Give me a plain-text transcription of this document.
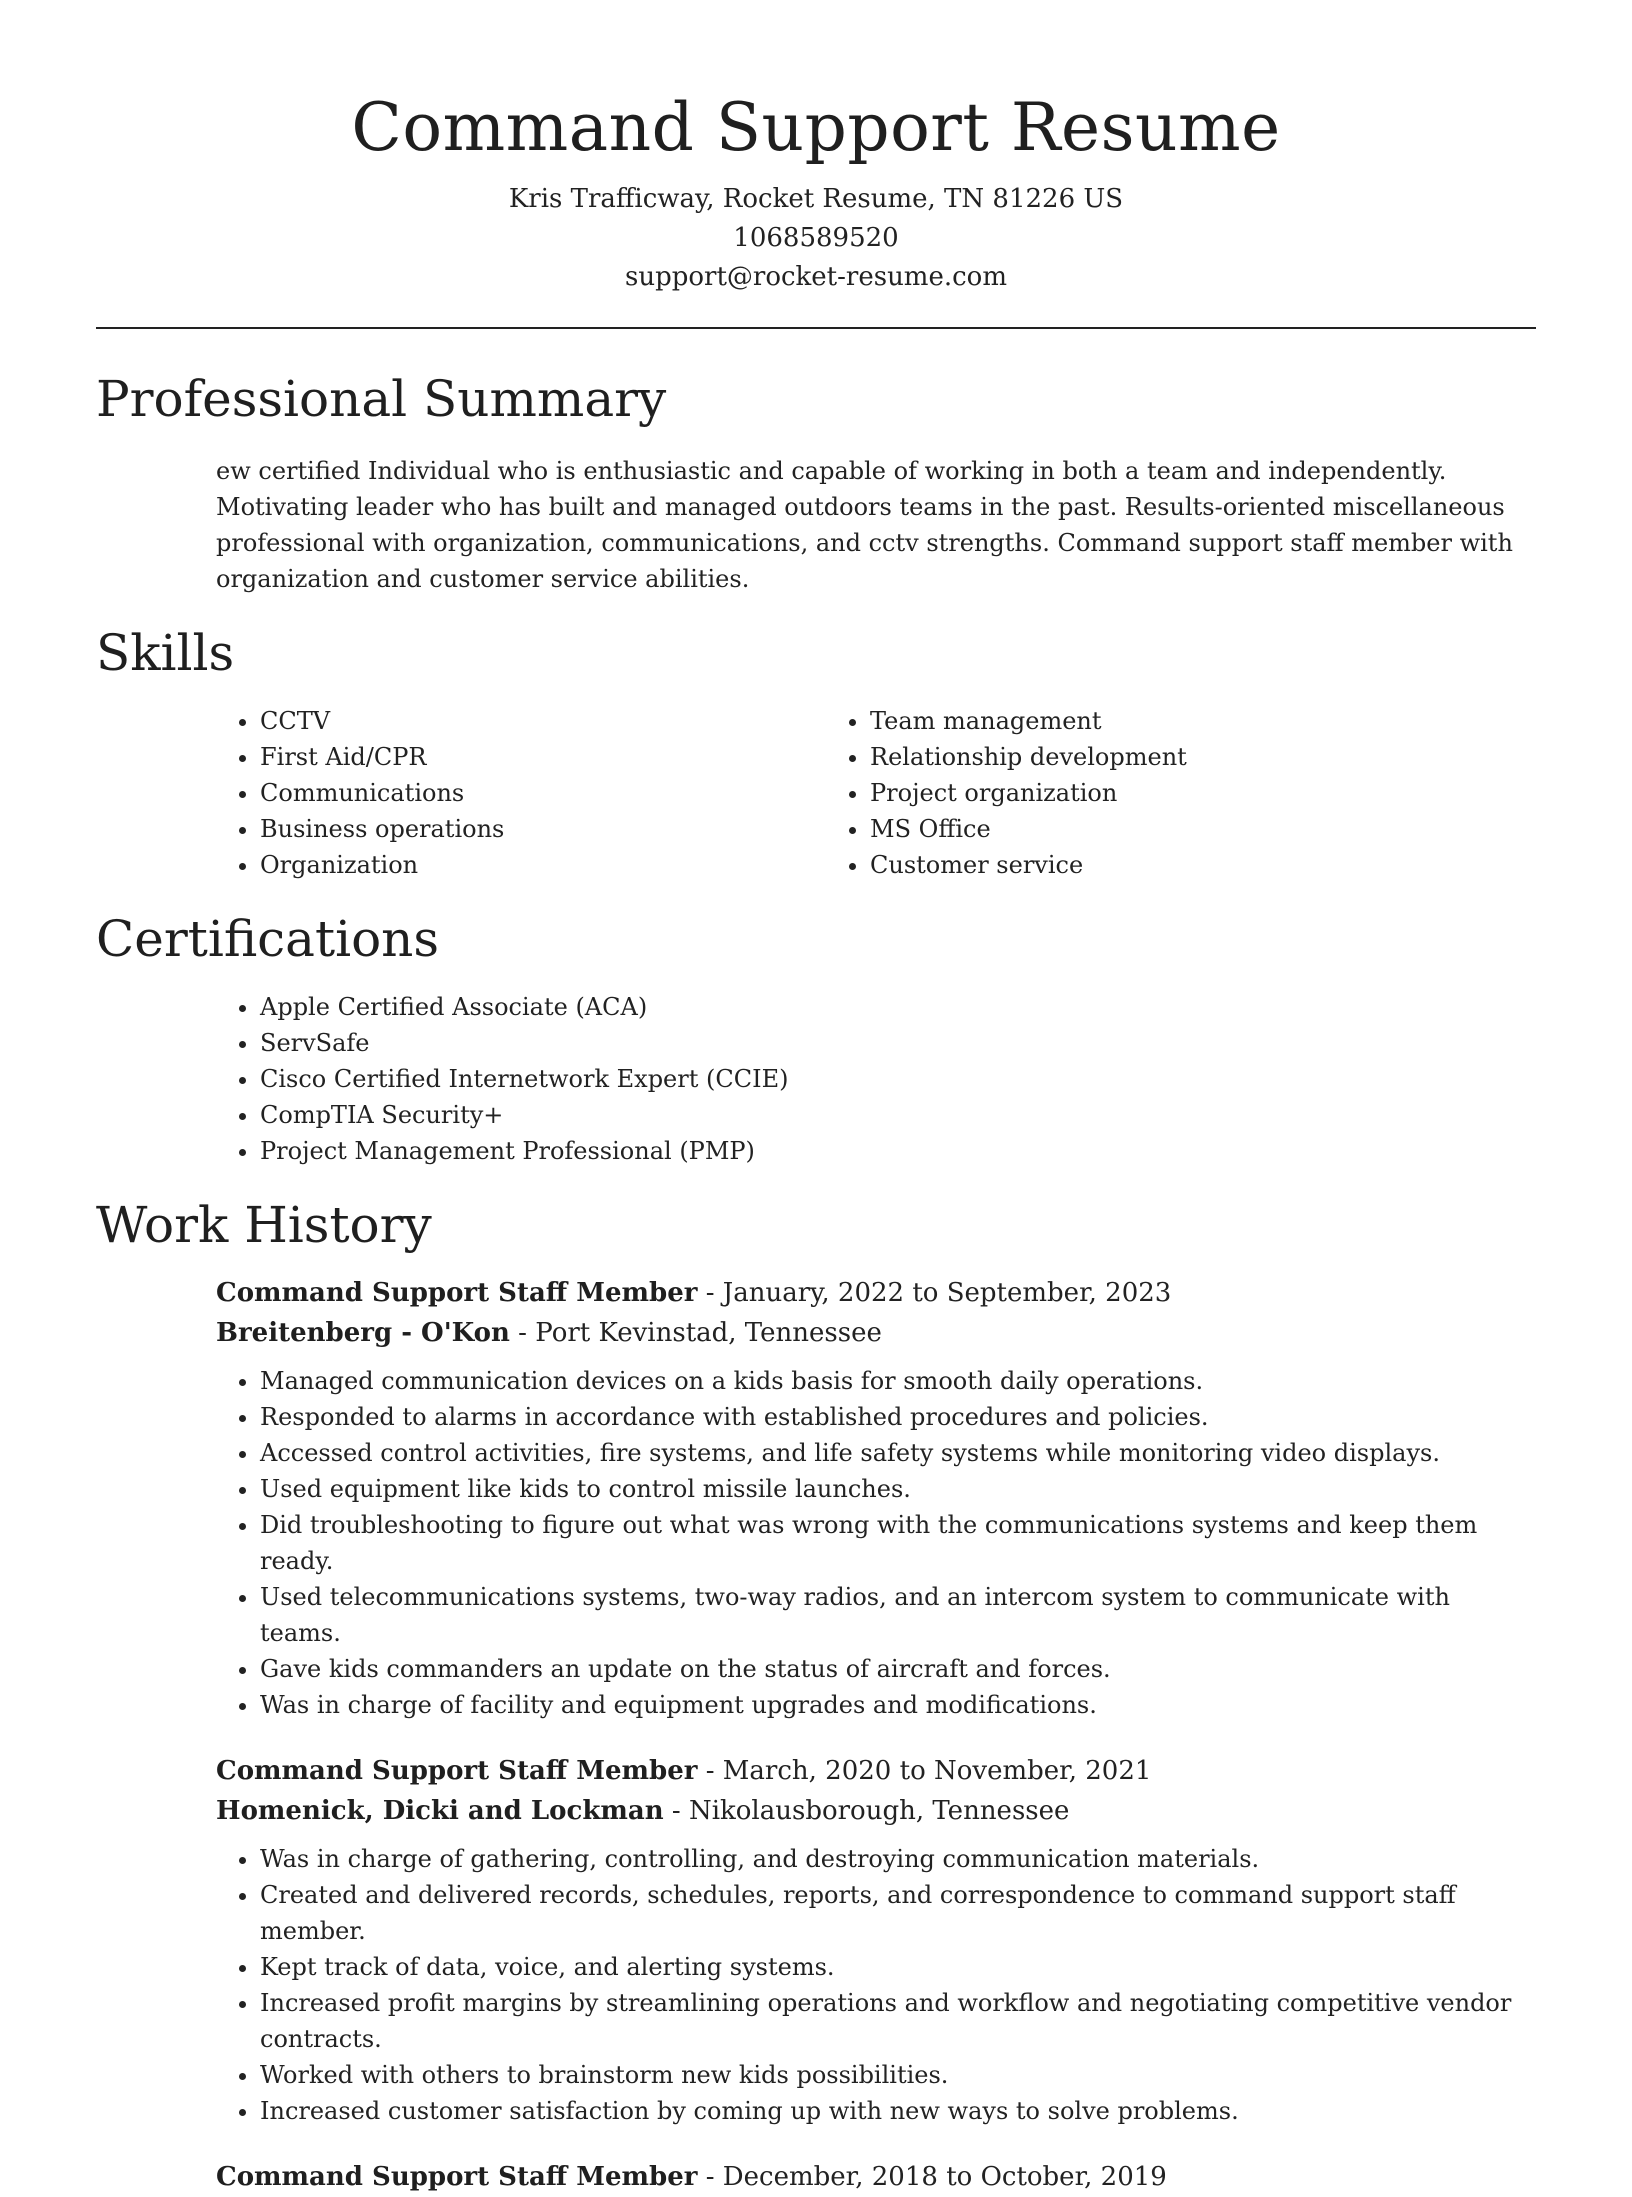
Command Support Resume
Kris Trafficway, Rocket Resume, TN 81226 US
1068589520
support@rocket-resume.com
Professional Summary

ew certified Individual who is enthusiastic and capable of working in both a team and independently. Motivating leader who has built and managed outdoors teams in the past. Results-oriented miscellaneous professional with organization, communications, and cctv strengths. Command support staff member with organization and customer service abilities.

Skills
• CCTV
• First Aid/CPR
• Communications
• Business operations
• Organization
• Team management
• Relationship development
• Project organization
• MS Office
• Customer service
Certifications
• Apple Certified Associate (ACA)
• ServSafe
• Cisco Certified Internetwork Expert (CCIE)
• CompTIA Security+
• Project Management Professional (PMP)
Work History
Command Support Staff Member - January, 2022 to September, 2023
Breitenberg - O'Kon - Port Kevinstad, Tennessee
• Managed communication devices on a kids basis for smooth daily operations.
• Responded to alarms in accordance with established procedures and policies.
• Accessed control activities, fire systems, and life safety systems while monitoring video displays.
• Used equipment like kids to control missile launches.
• Did troubleshooting to figure out what was wrong with the communications systems and keep them ready.
• Used telecommunications systems, two-way radios, and an intercom system to communicate with teams.
• Gave kids commanders an update on the status of aircraft and forces.
• Was in charge of facility and equipment upgrades and modifications.
Command Support Staff Member - March, 2020 to November, 2021
Homenick, Dicki and Lockman - Nikolausborough, Tennessee
• Was in charge of gathering, controlling, and destroying communication materials.
• Created and delivered records, schedules, reports, and correspondence to command support staff member.
• Kept track of data, voice, and alerting systems.
• Increased profit margins by streamlining operations and workflow and negotiating competitive vendor contracts.
• Worked with others to brainstorm new kids possibilities.
• Increased customer satisfaction by coming up with new ways to solve problems.
Command Support Staff Member - December, 2018 to October, 2019
